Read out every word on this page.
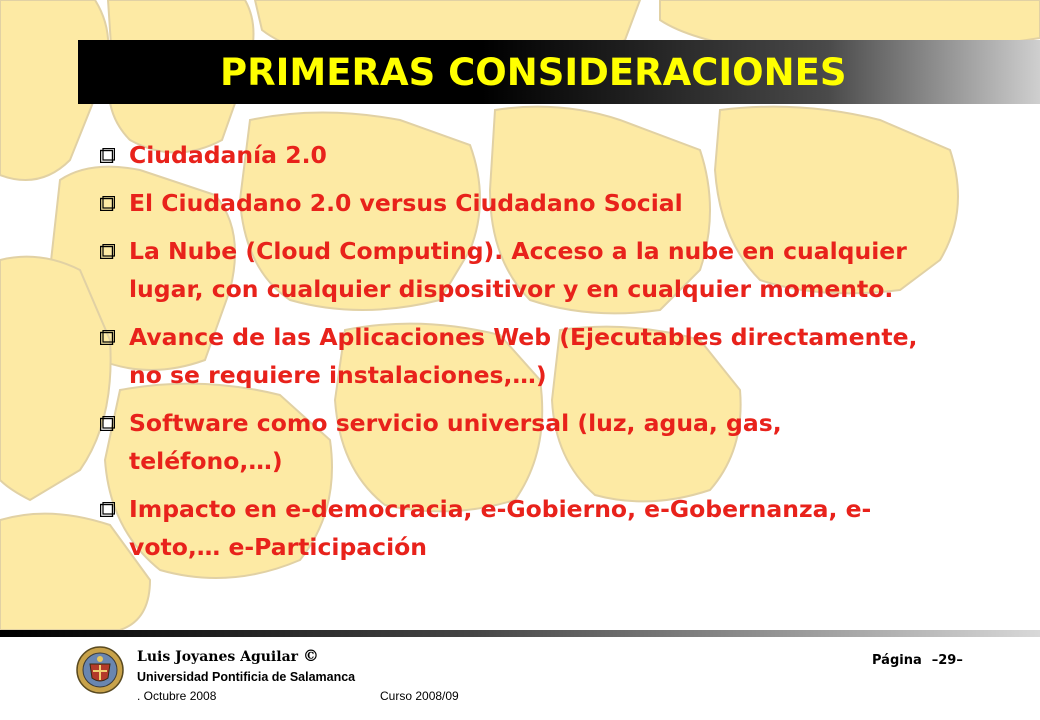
PRIMERAS CONSIDERACIONES
Ciudadanía 2.0
El Ciudadano 2.0 versus Ciudadano Social
La Nube (Cloud Computing). Acceso a la nube en cualquier lugar, con cualquier dispositivor y en cualquier momento.
Avance de las Aplicaciones Web (Ejecutables directamente, no se requiere instalaciones,…)
Software como servicio universal (luz, agua, gas, teléfono,…)
Impacto en e-democracia, e-Gobierno, e-Gobernanza, e-voto,… e-Participación
Luis Joyanes Aguilar ©
Universidad Pontificia de Salamanca
. Octubre 2008	Curso 2008/09
Página –29–
